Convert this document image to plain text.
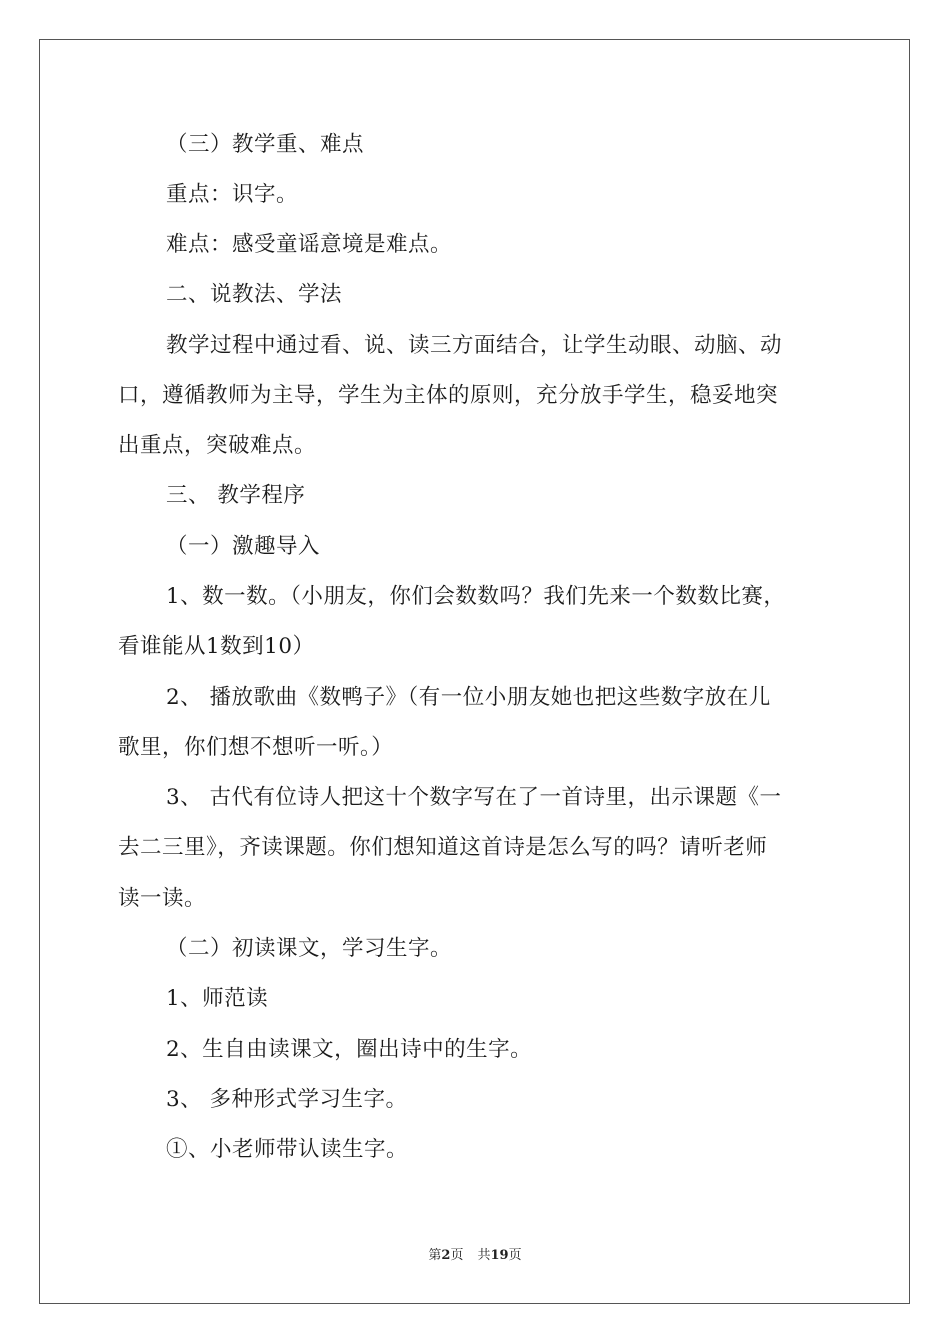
（三）教学重、难点
重点：识字。
难点：感受童谣意境是难点。
二、说教法、学法
教学过程中通过看、说、读三方面结合，让学生动眼、动脑、动
口，遵循教师为主导，学生为主体的原则，充分放手学生，稳妥地突
出重点，突破难点。
三、 教学程序
（一）激趣导入
1、数一数。（小朋友，你们会数数吗？我们先来一个数数比赛，
看谁能从1数到10）
2、 播放歌曲《数鸭子》（有一位小朋友她也把这些数字放在儿
歌里，你们想不想听一听。）
3、 古代有位诗人把这十个数字写在了一首诗里，出示课题《一
去二三里》，齐读课题。你们想知道这首诗是怎么写的吗？请听老师
读一读。
（二）初读课文，学习生字。
1、师范读
2、生自由读课文，圈出诗中的生字。
3、 多种形式学习生字。
①、小老师带认读生字。
第2页 共19页
